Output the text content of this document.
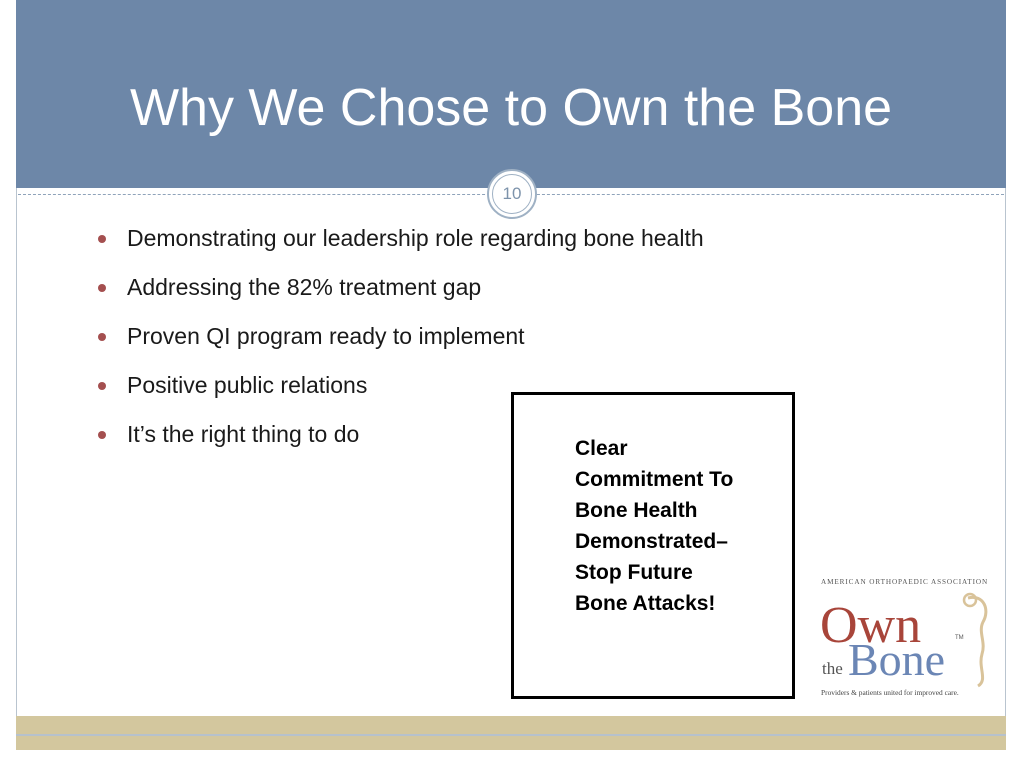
Why We Chose to Own the Bone
10
Demonstrating our leadership role regarding bone health
Addressing the 82% treatment gap
Proven QI program ready to implement
Positive public relations
It’s the right thing to do
Clear
Commitment To
Bone Health
Demonstrated–
Stop Future
Bone Attacks!
AMERICAN ORTHOPAEDIC ASSOCIATION
Own
the Bone TM
Providers & patients united for improved care.
